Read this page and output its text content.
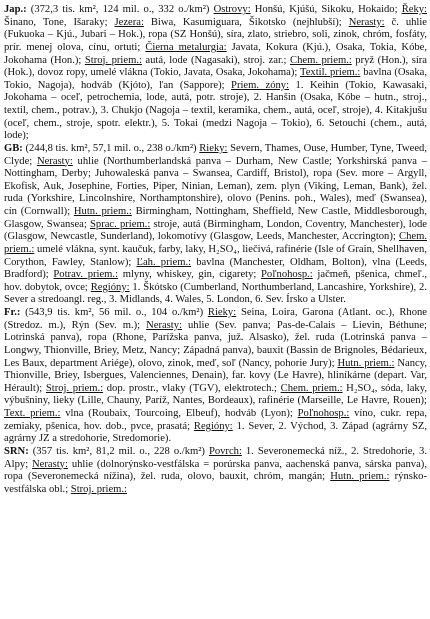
Jap.: (372,3 tis. km², 124 mil. o., 332 o./km²) Ostrovy: Honšú, Kjúšú, Sikoku, Hokaido; Řeky: Šinano, Tone, Išaraky; Jezera: Biwa, Kasumiguara, Šikotsko (nejhlubší); Nerasty: č. uhlie (Fukuoka – Kjú., Jubari – Hok.), ropa (SZ Honšú), síra, zlato, striebro, soli, zinok, chróm, fosfáty, prír. menej olova, cínu, ortuti; Čierna metalurgia: Javata, Kokura (Kjú.), Osaka, Tokia, Kóbe, Jokohama (Hon.); Stroj. priem.: autá, lode (Nagasaki), stroj. zar.; Chem. priem.: pryž (Hon.), síra (Hok.), dovoz ropy, umelé vlákna (Tokio, Javata, Osaka, Jokohama); Textil. priem.: bavlna (Osaka, Tokio, Nagoja), hodváb (Kjóto), ľan (Sappore); Priem. zóny: 1. Keihin (Tokio, Kawasaki, Jokohama – oceľ, petrochemia, lode, autá, potr. stroje), 2. Hanšin (Osaka, Kóbe – hutn., stroj., textil, chem., potrav.), 3. Chukjo (Nagoja – textil, keramika, chem., autá, oceľ, stroje), 4. Kitakjušu (oceľ, chem., stroje, spotr. elektr.), 5. Tokai (medzi Nagoja – Tokio), 6. Setouchi (chem., autá, lode);

GB: (244,8 tis. km², 57,1 mil. o., 238 o./km²) Rieky: Severn, Thames, Ouse, Humber, Tyne, Tweed, Clyde; Nerasty: uhlie (Northumberlandská panva – Durham, New Castle; Yorkshirská panva – Nottingham, Derby; Juhowaleská panva – Swansea, Cardiff, Bristol), ropa (Sev. more – Argyll, Ekofisk, Auk, Josephine, Forties, Piper, Ninian, Leman), zem. plyn (Viking, Leman, Bank), žel. ruda (Yorkshire, Lincolnshire, Northamptonshire), olovo (Penins. poh., Wales), meď (Swansea), cín (Cornwall); Hutn. priem.: Birmingham, Nottingham, Sheffield, New Castle, Middlesborough, Glasgow, Swansea; Sprac. priem.: stroje, autá (Birmingham, London, Coventry, Manchester), lode (Glasgow, Newcastle, Sunderland), lokomotívy (Glasgow, Leeds, Manchester, Accrington); Chem. priem.: umelé vlákna, synt. kaučuk, farby, laky, H₂SO₄, liečivá, rafinérie (Isle of Grain, Shellhaven, Corython, Fawley, Stanlow); Ľah. priem.: bavlna (Manchester, Oldham, Bolton), vlna (Leeds, Bradford); Potrav. priem.: mlyny, whiskey, gin, cigarety; Poľnohosp.: jačmeň, pšenica, chmeľ., hov. dobytok, ovce; Regióny: 1. Škótsko (Cumberland, Northumberland, Lancashire, Yorkshire), 2. Sever a stredoangl. reg., 3. Midlands, 4. Wales, 5. London, 6. Sev. Írsko a Ulster.

Fr.: (543,9 tis. km², 56 mil. o., 104 o./km²) Rieky: Seina, Loira, Garona (Atlant. oc.), Rhone (Stredoz. m.), Rýn (Sev. m.); Nerasty: uhlie (Sev. panva; Pas-de-Calais – Lievin, Béthune; Lotrinská panva), ropa (Rhone, Parížska panva, juž. Alsasko), žel. ruda (Lotrinská panva – Longwy, Thionville, Briey, Metz, Nancy; Západná panva), bauxit (Bassin de Brignoles, Bédarieux, Les Baux, department Ariége), olovo, zinok, meď, soľ (Nancy, pohorie Jury); Hutn. priem.: Nancy, Thionville, Briey, Isbergues, Valenciennes, Denain), far. kovy (Le Havre), hliníkárne (depart. Var, Hérault); Stroj. priem.: dop. prostr., vlaky (TGV), elektrotech.; Chem. priem.: H₂SO₄, sóda, laky, výbušniny, lieky (Lille, Chauny, Paríž, Nantes, Bordeaux), rafinérie (Marseille, Le Havre, Rouen); Text. priem.: vlna (Roubaix, Tourcoing, Elbeuf), hodváb (Lyon); Poľnohosp.: víno, cukr. repa, zemiaky, pšenica, hov. dob., pvce, prasatá; Regióny: 1. Sever, 2. Východ, 3. Západ (agrárny SZ, agrárny JZ a stredohorie, Stredomorie).

SRN: (357 tis. km², 81,2 mil. o., 228 o./km²) Povrch: 1. Severonemecká níž., 2. Stredohorie, 3. Alpy; Nerasty: uhlie (dolnorýnsko-vestfálska = porúrska panva, aachenská panva, sárska panva), ropa (Severonemecká nížina), žel. ruda, olovo, bauxit, chróm, mangán; Hutn. priem.: rýnsko-vestfálska obl.; Stroj. priem.:
